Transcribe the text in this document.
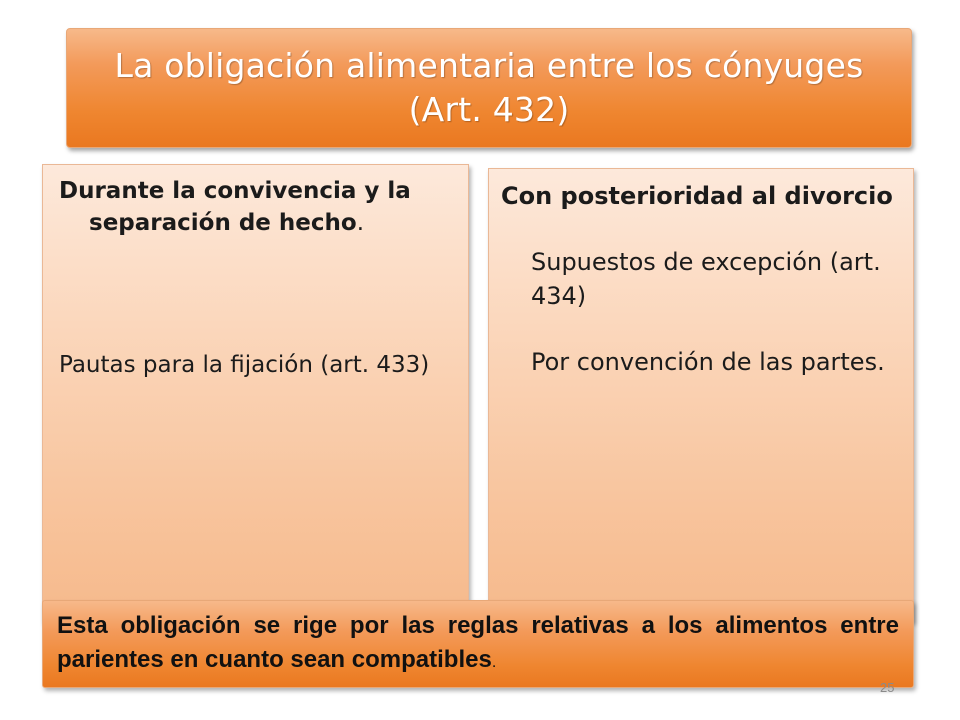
La obligación alimentaria entre los cónyuges (Art. 432)

Durante la convivencia y la separación de hecho.

Pautas para la fijación (art. 433)

Con posterioridad al divorcio

Supuestos de excepción (art. 434)

Por convención de las partes.

Esta obligación se rige por las reglas relativas a los alimentos entre parientes en cuanto sean compatibles.

25
